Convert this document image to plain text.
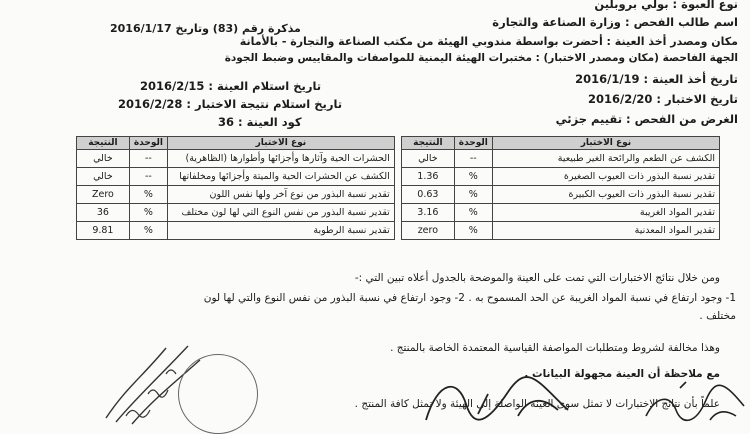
نوع العبوة : بولي بروبلين
اسم طالب الفحص : وزارة الصناعة والتجارة
مذكرة رقم (83) وتاريخ 2016/1/17
مكان ومصدر أخذ العينة : أحضرت بواسطة مندوبي الهيئة من مكتب الصناعة والتجارة - بالأمانة
الجهة الفاحصة (مكان ومصدر الاختبار) : مختبرات الهيئة اليمنية للمواصفات والمقاييس وضبط الجودة
تاريخ أخذ العينة : 2016/1/19
تاريخ استلام العينة : 2016/2/15
تاريخ الاختبار : 2016/2/20
تاريخ استلام نتيجة الاختبار : 2016/2/28
الغرض من الفحص : تقييم جزئي
كود العينة : 36
نوع الاختبار	الوحدة	النتيجة		نوع الاختبار	الوحدة	النتيجة
الكشف عن الطعم والرائحة الغير طبيعية	--	خالي		الحشرات الحية وآثارها وأجزائها وأطوارها (الظاهرية)	--	خالي
تقدير نسبة البذور ذات العيوب الصغيرة	%	1.36		الكشف عن الحشرات الحية والميتة وأجزائها ومخلفاتها	--	خالي
تقدير نسبة البذور ذات العيوب الكبيرة	%	0.63		تقدير نسبة البذور من نوع آخر ولها نفس اللون	%	Zero
تقدير المواد الغريبة	%	3.16		تقدير نسبة البذور من نفس النوع التي لها لون مختلف	%	36
تقدير المواد المعدنية	%	zero		تقدير نسبة الرطوبة	%	9.81
ومن خلال نتائج الاختبارات التي تمت على العينة والموضحة بالجدول أعلاه تبين التي :-
1- وجود ارتفاع في نسبة المواد الغريبة عن الحد المسموح به . 2- وجود ارتفاع في نسبة البذور من نفس النوع والتي لها لون
مختلف .
وهذا مخالفة لشروط ومتطلبات المواصفة القياسية المعتمدة الخاصة بالمنتج .
مع ملاحظة أن العينة مجهولة البيانات .
علماً بأن نتائج الاختبارات لا تمثل سوى العينة الواصلة إلى الهيئة ولا تمثل كافة المنتج .
